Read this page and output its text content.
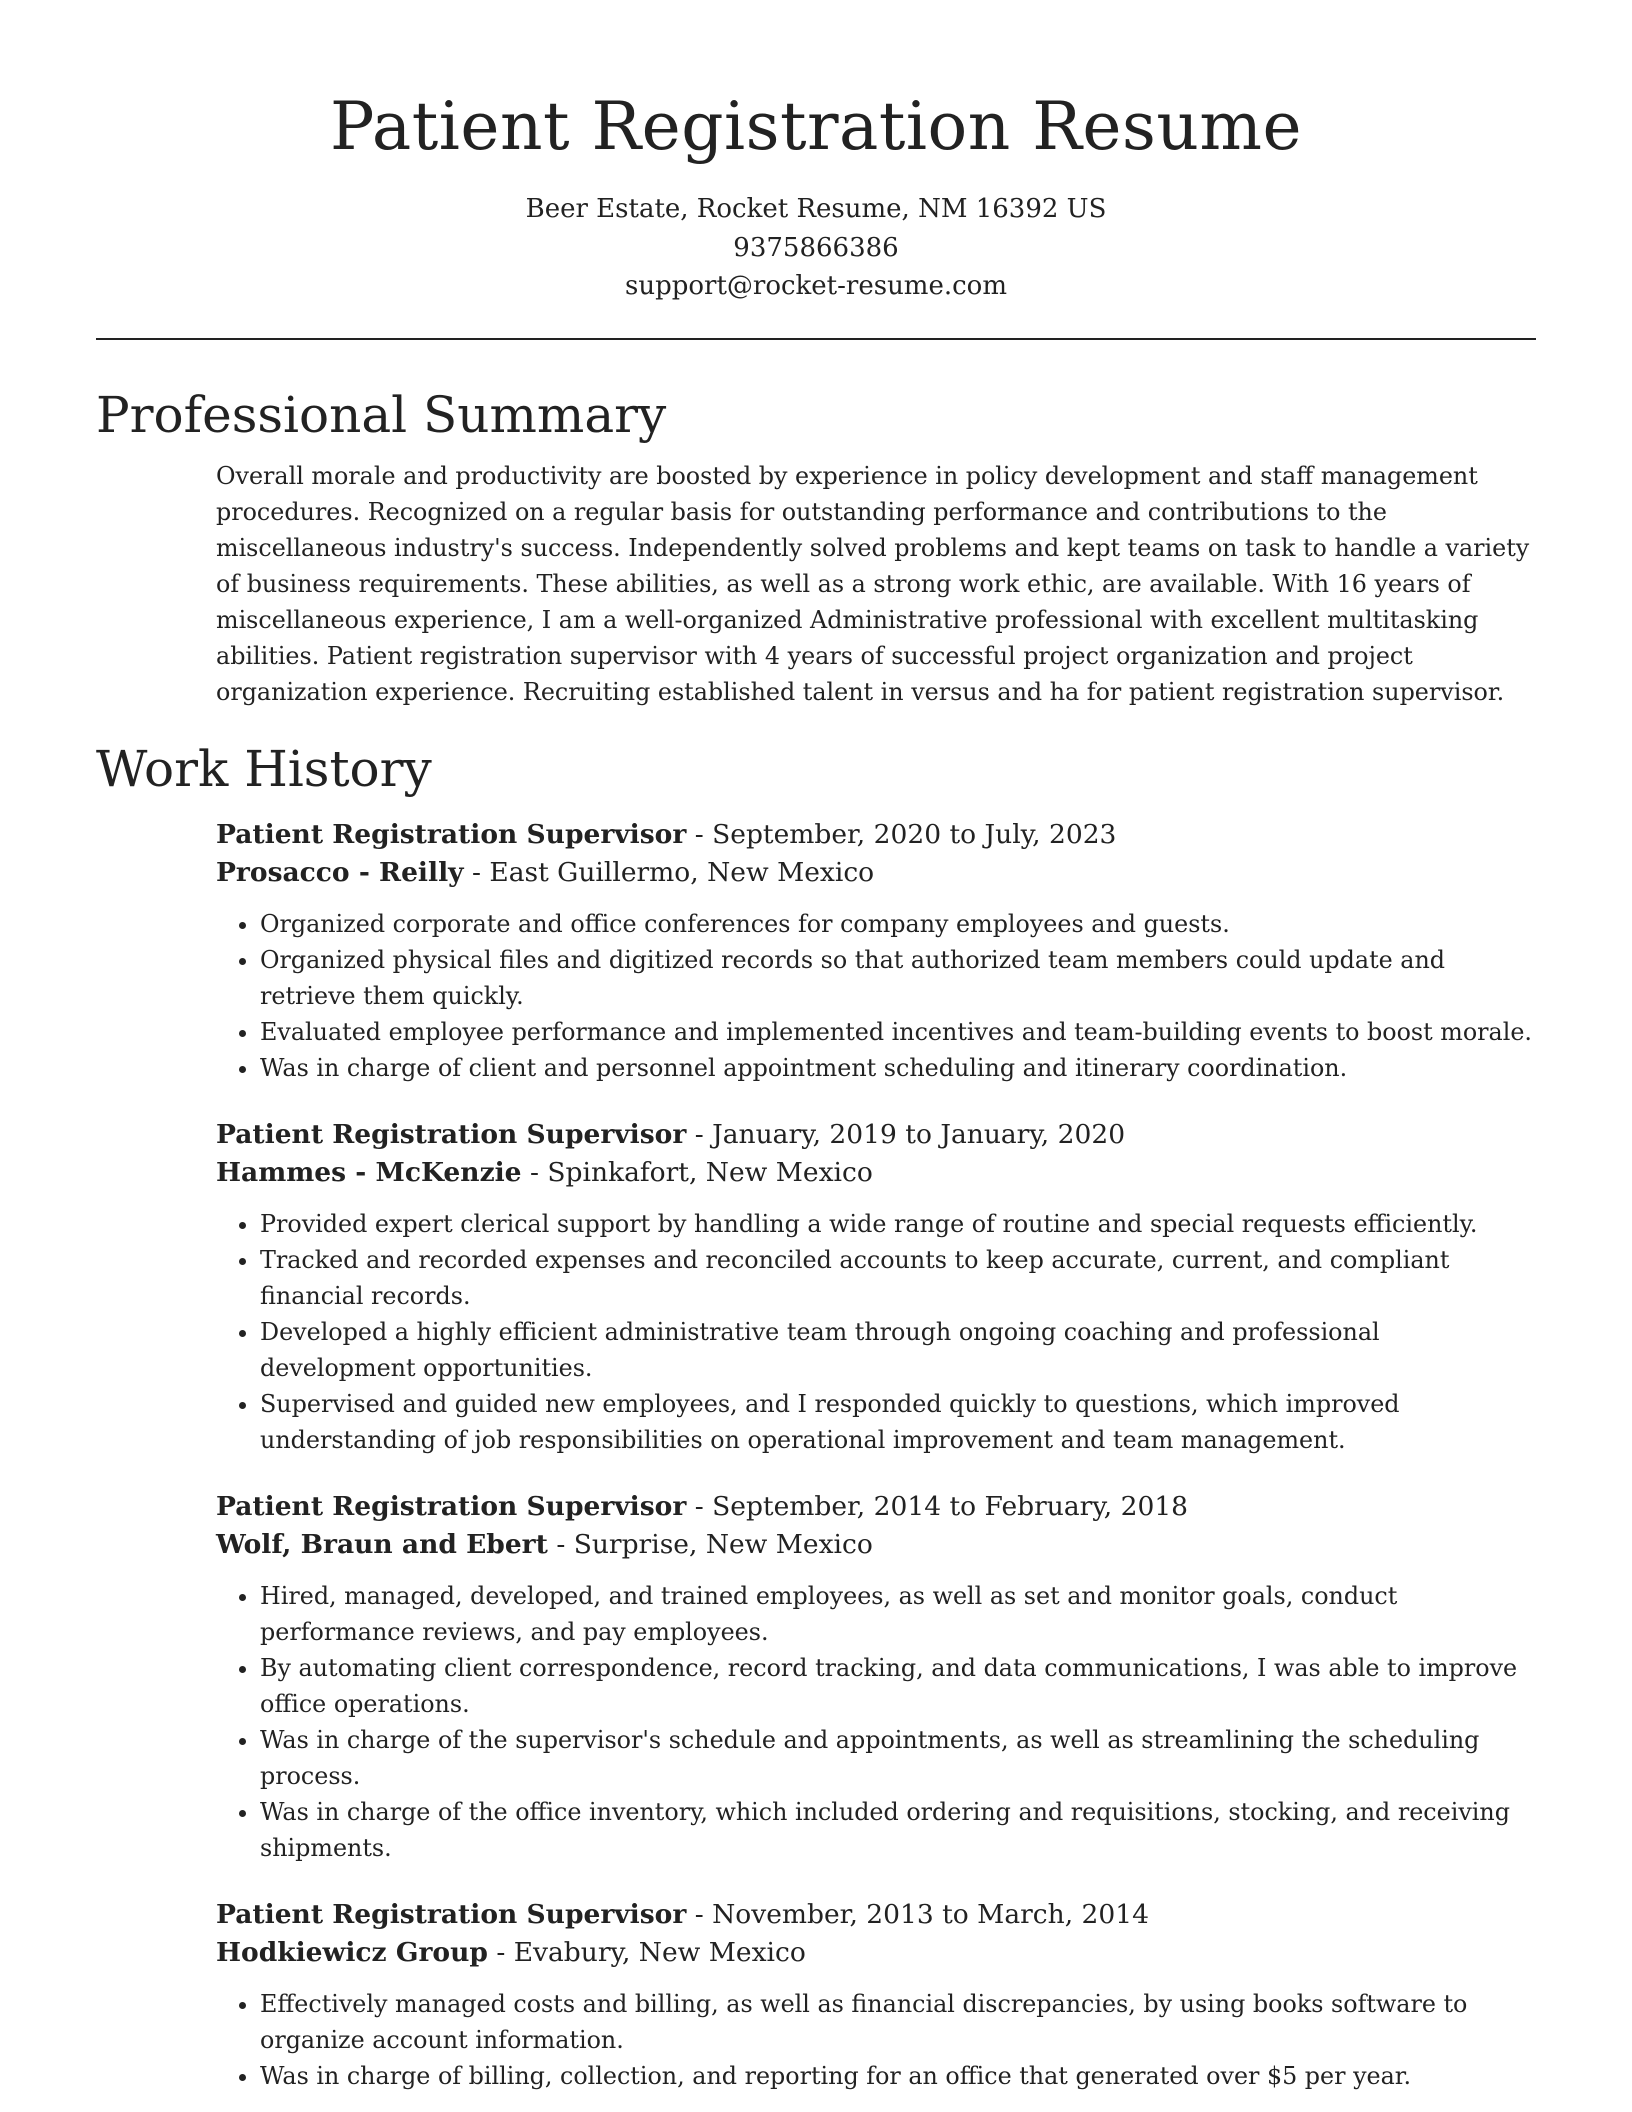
Patient Registration Resume
Beer Estate, Rocket Resume, NM 16392 US
9375866386
support@rocket-resume.com
Professional Summary

Overall morale and productivity are boosted by experience in policy development and staff management procedures. Recognized on a regular basis for outstanding performance and contributions to the miscellaneous industry's success. Independently solved problems and kept teams on task to handle a variety of business requirements. These abilities, as well as a strong work ethic, are available. With 16 years of miscellaneous experience, I am a well-organized Administrative professional with excellent multitasking abilities. Patient registration supervisor with 4 years of successful project organization and project organization experience. Recruiting established talent in versus and ha for patient registration supervisor.

Work History
Patient Registration Supervisor - September, 2020 to July, 2023
Prosacco - Reilly - East Guillermo, New Mexico
• Organized corporate and office conferences for company employees and guests.
• Organized physical files and digitized records so that authorized team members could update and retrieve them quickly.
• Evaluated employee performance and implemented incentives and team-building events to boost morale.
• Was in charge of client and personnel appointment scheduling and itinerary coordination.
Patient Registration Supervisor - January, 2019 to January, 2020
Hammes - McKenzie - Spinkafort, New Mexico
• Provided expert clerical support by handling a wide range of routine and special requests efficiently.
• Tracked and recorded expenses and reconciled accounts to keep accurate, current, and compliant financial records.
• Developed a highly efficient administrative team through ongoing coaching and professional development opportunities.
• Supervised and guided new employees, and I responded quickly to questions, which improved understanding of job responsibilities on operational improvement and team management.
Patient Registration Supervisor - September, 2014 to February, 2018
Wolf, Braun and Ebert - Surprise, New Mexico
• Hired, managed, developed, and trained employees, as well as set and monitor goals, conduct performance reviews, and pay employees.
• By automating client correspondence, record tracking, and data communications, I was able to improve office operations.
• Was in charge of the supervisor's schedule and appointments, as well as streamlining the scheduling process.
• Was in charge of the office inventory, which included ordering and requisitions, stocking, and receiving shipments.
Patient Registration Supervisor - November, 2013 to March, 2014
Hodkiewicz Group - Evabury, New Mexico
• Effectively managed costs and billing, as well as financial discrepancies, by using books software to organize account information.
• Was in charge of billing, collection, and reporting for an office that generated over $5 per year.
